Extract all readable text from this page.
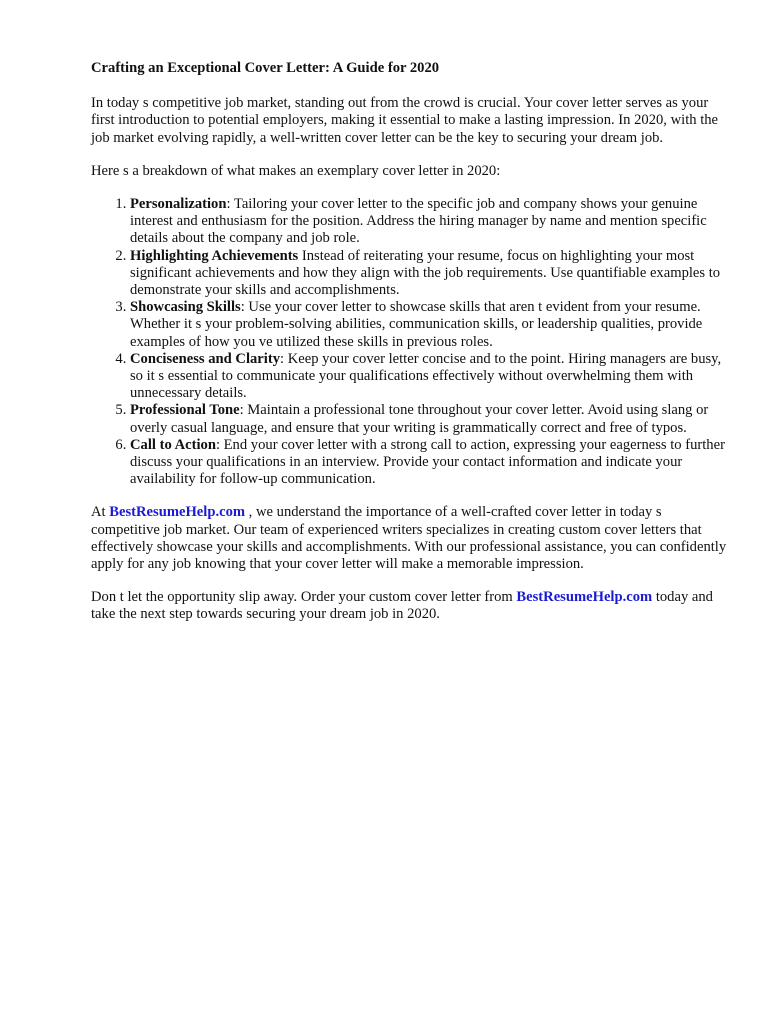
Crafting an Exceptional Cover Letter: A Guide for 2020

In today s competitive job market, standing out from the crowd is crucial. Your cover letter serves as your first introduction to potential employers, making it essential to make a lasting impression. In 2020, with the job market evolving rapidly, a well-written cover letter can be the key to securing your dream job.

Here s a breakdown of what makes an exemplary cover letter in 2020:

1. Personalization: Tailoring your cover letter to the specific job and company shows your genuine interest and enthusiasm for the position. Address the hiring manager by name and mention specific details about the company and job role.
2. Highlighting Achievements Instead of reiterating your resume, focus on highlighting your most significant achievements and how they align with the job requirements. Use quantifiable examples to demonstrate your skills and accomplishments.
3. Showcasing Skills: Use your cover letter to showcase skills that aren t evident from your resume. Whether it s your problem-solving abilities, communication skills, or leadership qualities, provide examples of how you ve utilized these skills in previous roles.
4. Conciseness and Clarity: Keep your cover letter concise and to the point. Hiring managers are busy, so it s essential to communicate your qualifications effectively without overwhelming them with unnecessary details.
5. Professional Tone: Maintain a professional tone throughout your cover letter. Avoid using slang or overly casual language, and ensure that your writing is grammatically correct and free of typos.
6. Call to Action: End your cover letter with a strong call to action, expressing your eagerness to further discuss your qualifications in an interview. Provide your contact information and indicate your availability for follow-up communication.

At BestResumeHelp.com , we understand the importance of a well-crafted cover letter in today s competitive job market. Our team of experienced writers specializes in creating custom cover letters that effectively showcase your skills and accomplishments. With our professional assistance, you can confidently apply for any job knowing that your cover letter will make a memorable impression.

Don t let the opportunity slip away. Order your custom cover letter from BestResumeHelp.com today and take the next step towards securing your dream job in 2020.
